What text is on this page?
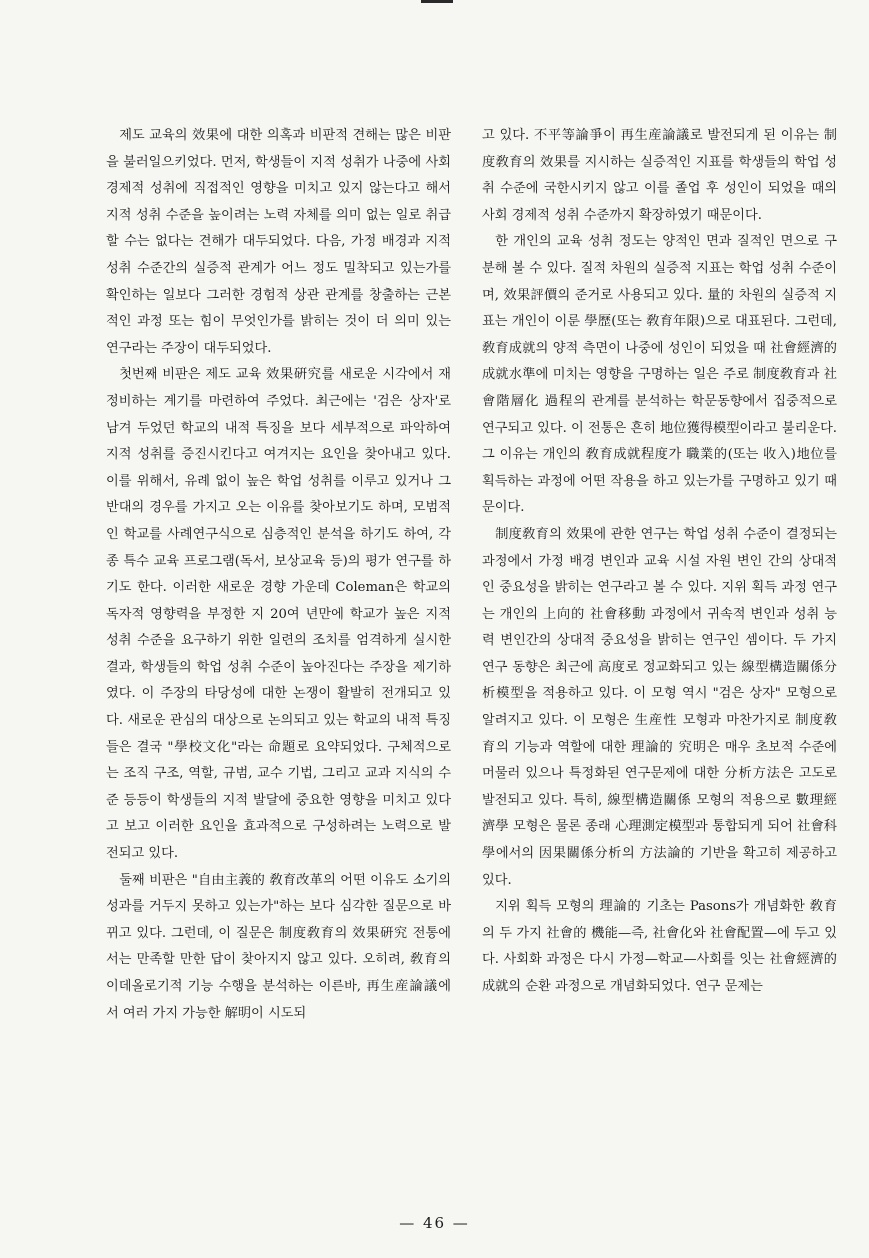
제도 교육의 效果에 대한 의혹과 비판적 견해는 많은 비판을 불러일으키었다. 먼저, 학생들이 지적 성취가 나중에 사회 경제적 성취에 직접적인 영향을 미치고 있지 않는다고 해서 지적 성취 수준을 높이려는 노력 자체를 의미 없는 일로 취급할 수는 없다는 견해가 대두되었다. 다음, 가정 배경과 지적 성취 수준간의 실증적 관계가 어느 정도 밀착되고 있는가를 확인하는 일보다 그러한 경험적 상관 관계를 창출하는 근본적인 과정 또는 힘이 무엇인가를 밝히는 것이 더 의미 있는 연구라는 주장이 대두되었다.

첫번째 비판은 제도 교육 效果硏究를 새로운 시각에서 재정비하는 계기를 마련하여 주었다. 최근에는 '검은 상자'로 남겨 두었던 학교의 내적 특징을 보다 세부적으로 파악하여 지적 성취를 증진시킨다고 여겨지는 요인을 찾아내고 있다. 이를 위해서, 유례 없이 높은 학업 성취를 이루고 있거나 그 반대의 경우를 가지고 오는 이유를 찾아보기도 하며, 모범적인 학교를 사례연구식으로 심층적인 분석을 하기도 하여, 각종 특수 교육 프로그램(독서, 보상교육 등)의 평가 연구를 하기도 한다. 이러한 새로운 경향 가운데 Coleman은 학교의 독자적 영향력을 부정한 지 20여 년만에 학교가 높은 지적 성취 수준을 요구하기 위한 일련의 조치를 엄격하게 실시한 결과, 학생들의 학업 성취 수준이 높아진다는 주장을 제기하였다. 이 주장의 타당성에 대한 논쟁이 활발히 전개되고 있다. 새로운 관심의 대상으로 논의되고 있는 학교의 내적 특징들은 결국 "學校文化"라는 命題로 요약되었다. 구체적으로는 조직 구조, 역할, 규범, 교수 기법, 그리고 교과 지식의 수준 등등이 학생들의 지적 발달에 중요한 영향을 미치고 있다고 보고 이러한 요인을 효과적으로 구성하려는 노력으로 발전되고 있다.

둘째 비판은 "自由主義的 敎育改革의 어떤 이유도 소기의 성과를 거두지 못하고 있는가"하는 보다 심각한 질문으로 바뀌고 있다. 그런데, 이 질문은 制度敎育의 效果硏究 전통에서는 만족할 만한 답이 찾아지지 않고 있다. 오히려, 敎育의 이데올로기적 기능 수행을 분석하는 이른바, 再生産論議에서 여러 가지 가능한 解明이 시도되

고 있다. 不平等論爭이 再生産論議로 발전되게 된 이유는 制度敎育의 效果를 지시하는 실증적인 지표를 학생들의 학업 성취 수준에 국한시키지 않고 이를 졸업 후 성인이 되었을 때의 사회 경제적 성취 수준까지 확장하였기 때문이다.

한 개인의 교육 성취 정도는 양적인 면과 질적인 면으로 구분해 볼 수 있다. 질적 차원의 실증적 지표는 학업 성취 수준이며, 效果評價의 준거로 사용되고 있다. 量的 차원의 실증적 지표는 개인이 이룬 學歷(또는 敎育年限)으로 대표된다. 그런데, 敎育成就의 양적 측면이 나중에 성인이 되었을 때 社會經濟的 成就水準에 미치는 영향을 구명하는 일은 주로 制度敎育과 社會階層化 過程의 관계를 분석하는 학문동향에서 집중적으로 연구되고 있다. 이 전통은 흔히 地位獲得模型이라고 불리운다. 그 이유는 개인의 敎育成就程度가 職業的(또는 收入)地位를 획득하는 과정에 어떤 작용을 하고 있는가를 구명하고 있기 때문이다.

制度敎育의 效果에 관한 연구는 학업 성취 수준이 결정되는 과정에서 가정 배경 변인과 교육 시설 자원 변인 간의 상대적인 중요성을 밝히는 연구라고 볼 수 있다. 지위 획득 과정 연구는 개인의 上向的 社會移動 과정에서 귀속적 변인과 성취 능력 변인간의 상대적 중요성을 밝히는 연구인 셈이다. 두 가지 연구 동향은 최근에 高度로 정교화되고 있는 線型構造關係分析模型을 적용하고 있다. 이 모형 역시 "검은 상자" 모형으로 알려지고 있다. 이 모형은 生産性 모형과 마찬가지로 制度敎育의 기능과 역할에 대한 理論的 究明은 매우 초보적 수준에 머물러 있으나 특정화된 연구문제에 대한 分析方法은 고도로 발전되고 있다. 특히, 線型構造關係 모형의 적용으로 數理經濟學 모형은 물론 종래 心理測定模型과 통합되게 되어 社會科學에서의 因果關係分析의 方法論的 기반을 확고히 제공하고 있다.

지위 획득 모형의 理論的 기초는 Pasons가 개념화한 敎育의 두 가지 社會的 機能—즉, 社會化와 社會配置—에 두고 있다. 사회화 과정은 다시 가정—학교—사회를 잇는 社會經濟的 成就의 순환 과정으로 개념화되었다. 연구 문제는

— 46 —
